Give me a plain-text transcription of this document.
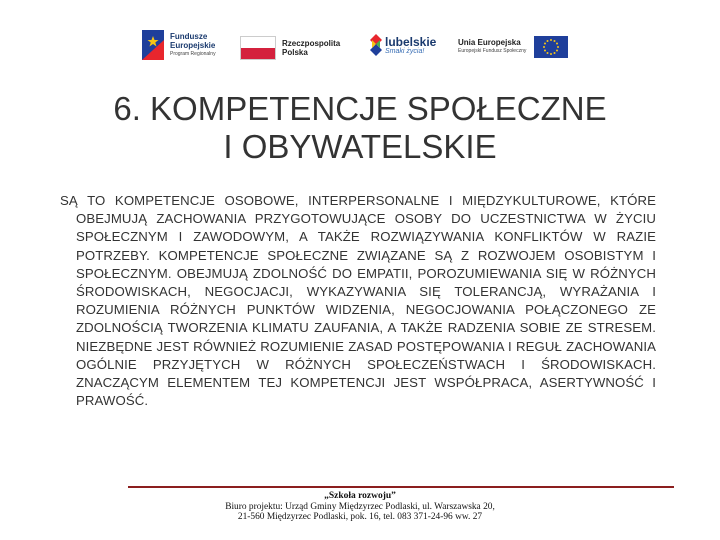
Fundusze
Europejskie
Program Regionalny
Rzeczpospolita
Polska
lubelskie
Smaki życia!
Unia Europejska
Europejski Fundusz Społeczny
6. KOMPETENCJE SPOŁECZNE
I OBYWATELSKIE
SĄ TO KOMPETENCJE OSOBOWE, INTERPERSONALNE I MIĘDZYKULTUROWE, KTÓRE OBEJMUJĄ ZACHOWANIA PRZYGOTOWUJĄCE OSOBY DO UCZESTNICTWA W ŻYCIU SPOŁECZNYM I ZAWODOWYM, A TAKŻE ROZWIĄZYWANIA KONFLIKTÓW W RAZIE POTRZEBY. KOMPETENCJE SPOŁECZNE ZWIĄZANE SĄ Z ROZWOJEM OSOBISTYM I SPOŁECZNYM. OBEJMUJĄ ZDOLNOŚĆ DO EMPATII, POROZUMIEWANIA SIĘ W RÓŻNYCH ŚRODOWISKACH, NEGOCJACJI, WYKAZYWANIA SIĘ TOLERANCJĄ, WYRAŻANIA I ROZUMIENIA RÓŻNYCH PUNKTÓW WIDZENIA, NEGOCJOWANIA POŁĄCZONEGO ZE ZDOLNOŚCIĄ TWORZENIA KLIMATU ZAUFANIA, A TAKŻE RADZENIA SOBIE ZE STRESEM. NIEZBĘDNE JEST RÓWNIEŻ ROZUMIENIE ZASAD POSTĘPOWANIA I REGUŁ ZACHOWANIA OGÓLNIE PRZYJĘTYCH W RÓŻNYCH SPOŁECZEŃSTWACH I ŚRODOWISKACH. ZNACZĄCYM ELEMENTEM TEJ KOMPETENCJI JEST WSPÓŁPRACA, ASERTYWNOŚĆ I PRAWOŚĆ.
„Szkoła rozwoju”
Biuro projektu: Urząd Gminy Międzyrzec Podlaski, ul. Warszawska 20,
21-560 Międzyrzec Podlaski, pok. 16, tel. 083 371-24-96 ww. 27
